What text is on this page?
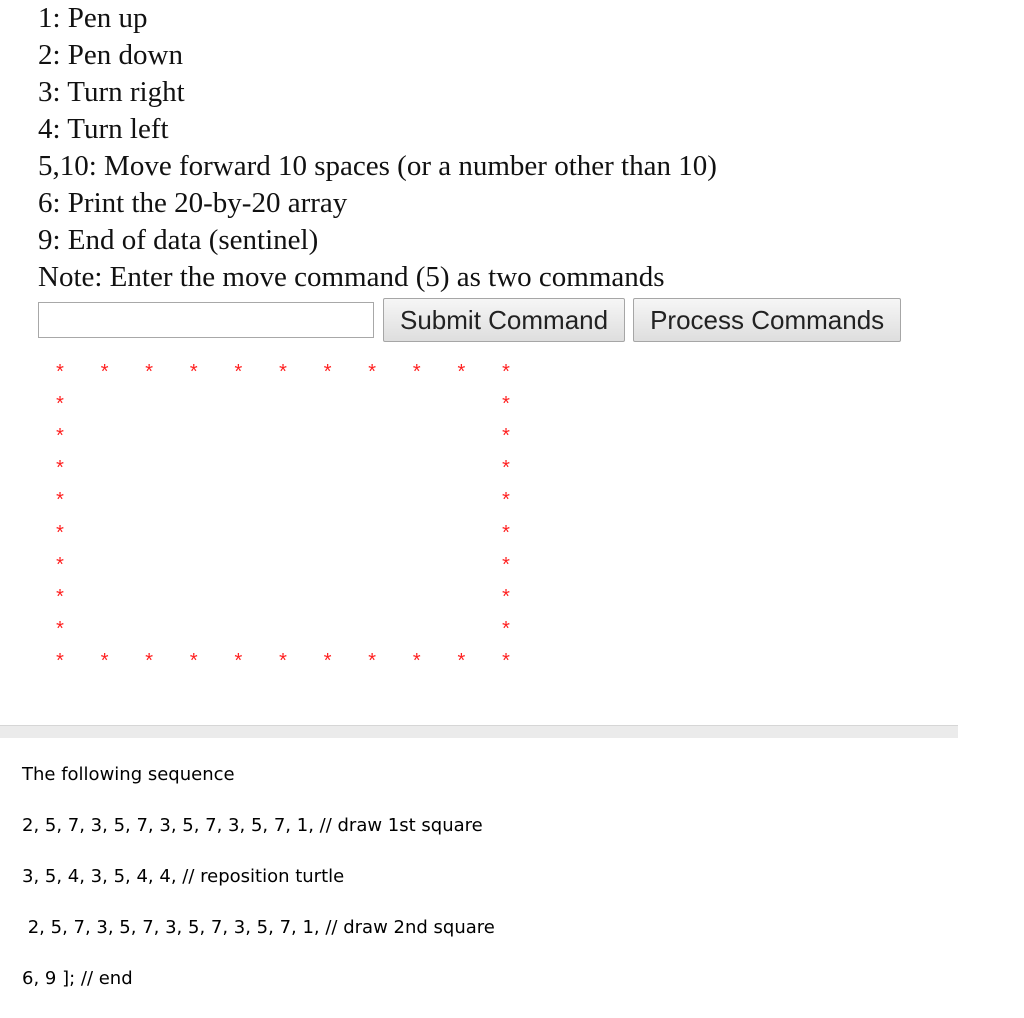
1: Pen up
2: Pen down
3: Turn right
4: Turn left
5,10: Move forward 10 spaces (or a number other than 10)
6: Print the 20-by-20 array
9: End of data (sentinel)
Note: Enter the move command (5) as two commands
Submit Command	Process Commands
* * * * * * * * * * *
*	*
*	*
*	*
*	*
*	*
*	*
*	*
*	*
* * * * * * * * * * *

The following sequence

2, 5, 7, 3, 5, 7, 3, 5, 7, 3, 5, 7, 1, // draw 1st square

3, 5, 4, 3, 5, 4, 4, // reposition turtle

2, 5, 7, 3, 5, 7, 3, 5, 7, 3, 5, 7, 1, // draw 2nd square

6, 9 ]; // end
